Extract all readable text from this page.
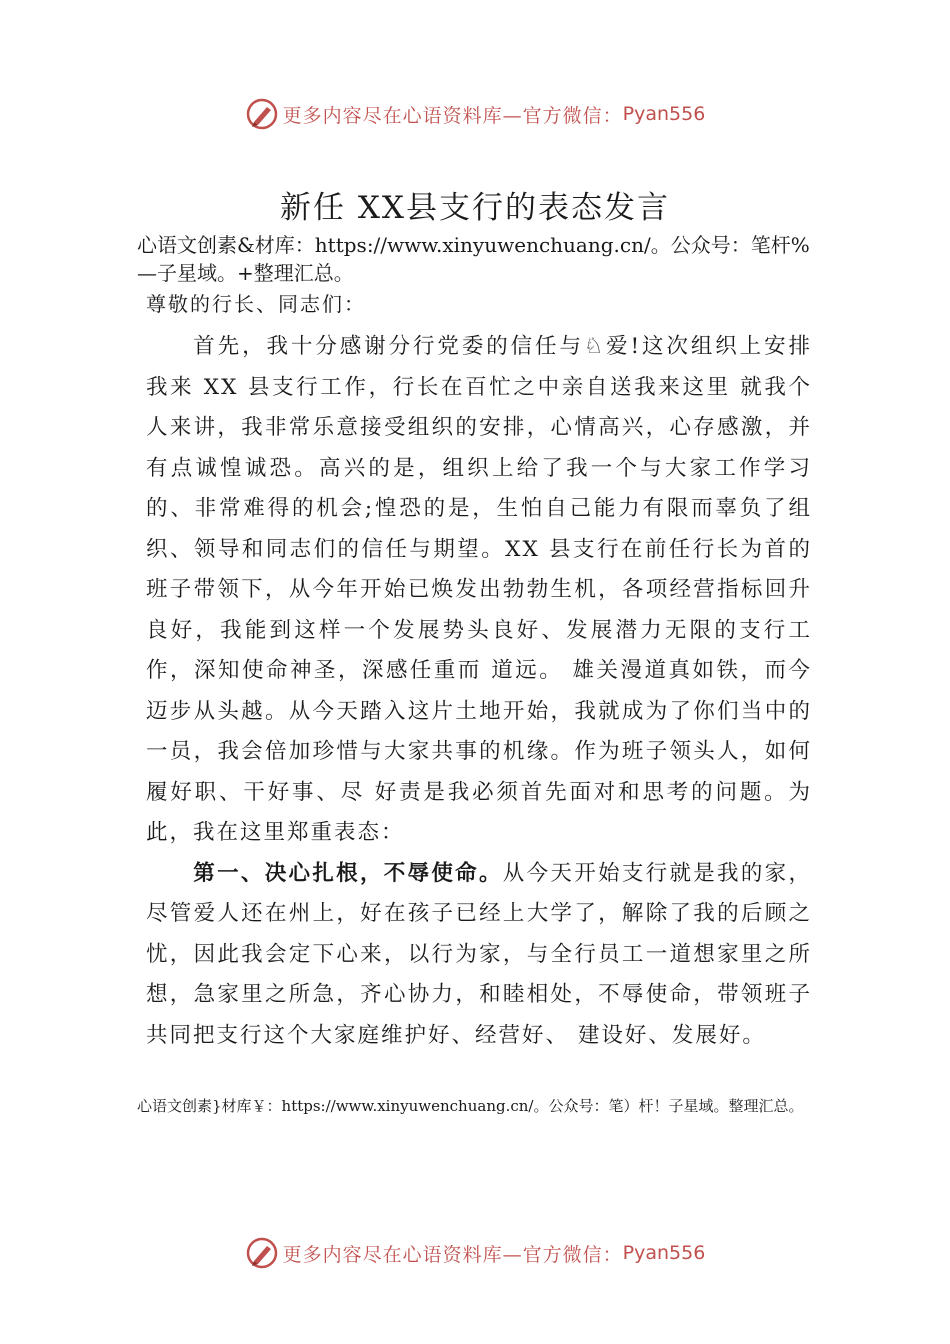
更多内容尽在心语资料库—官方微信： Pyan556
新任 XX县支行的表态发言

心语文创素&材库：https://www.xinyuwenchuang.cn/。公众号：笔杆%—子星域。+整理汇总。

尊敬的行长、同志们：

首先，我十分感谢分行党委的信任与♘爱!这次组织上安排我来 XX 县支行工作，行长在百忙之中亲自送我来这里 就我个人来讲，我非常乐意接受组织的安排，心情高兴，心存感激，并有点诚惶诚恐。高兴的是，组织上给了我一个与大家工作学习的、非常难得的机会;惶恐的是，生怕自己能力有限而辜负了组织、领导和同志们的信任与期望。XX 县支行在前任行长为首的班子带领下，从今年开始已焕发出勃勃生机，各项经营指标回升良好，我能到这样一个发展势头良好、发展潜力无限的支行工作，深知使命神圣，深感任重而 道远。 雄关漫道真如铁，而今迈步从头越。从今天踏入这片土地开始，我就成为了你们当中的一员，我会倍加珍惜与大家共事的机缘。作为班子领头人，如何履好职、干好事、尽 好责是我必须首先面对和思考的问题。为此，我在这里郑重表态：

第一、决心扎根，不辱使命。从今天开始支行就是我的家，尽管爱人还在州上，好在孩子已经上大学了，解除了我的后顾之忧，因此我会定下心来，以行为家，与全行员工一道想家里之所想，急家里之所急，齐心协力，和睦相处，不辱使命，带领班子共同把支行这个大家庭维护好、经营好、 建设好、发展好。

心语文创素}材库￥：https://www.xinyuwenchuang.cn/。公众号：笔）杆！子星域。整理汇总。

更多内容尽在心语资料库—官方微信： Pyan556
